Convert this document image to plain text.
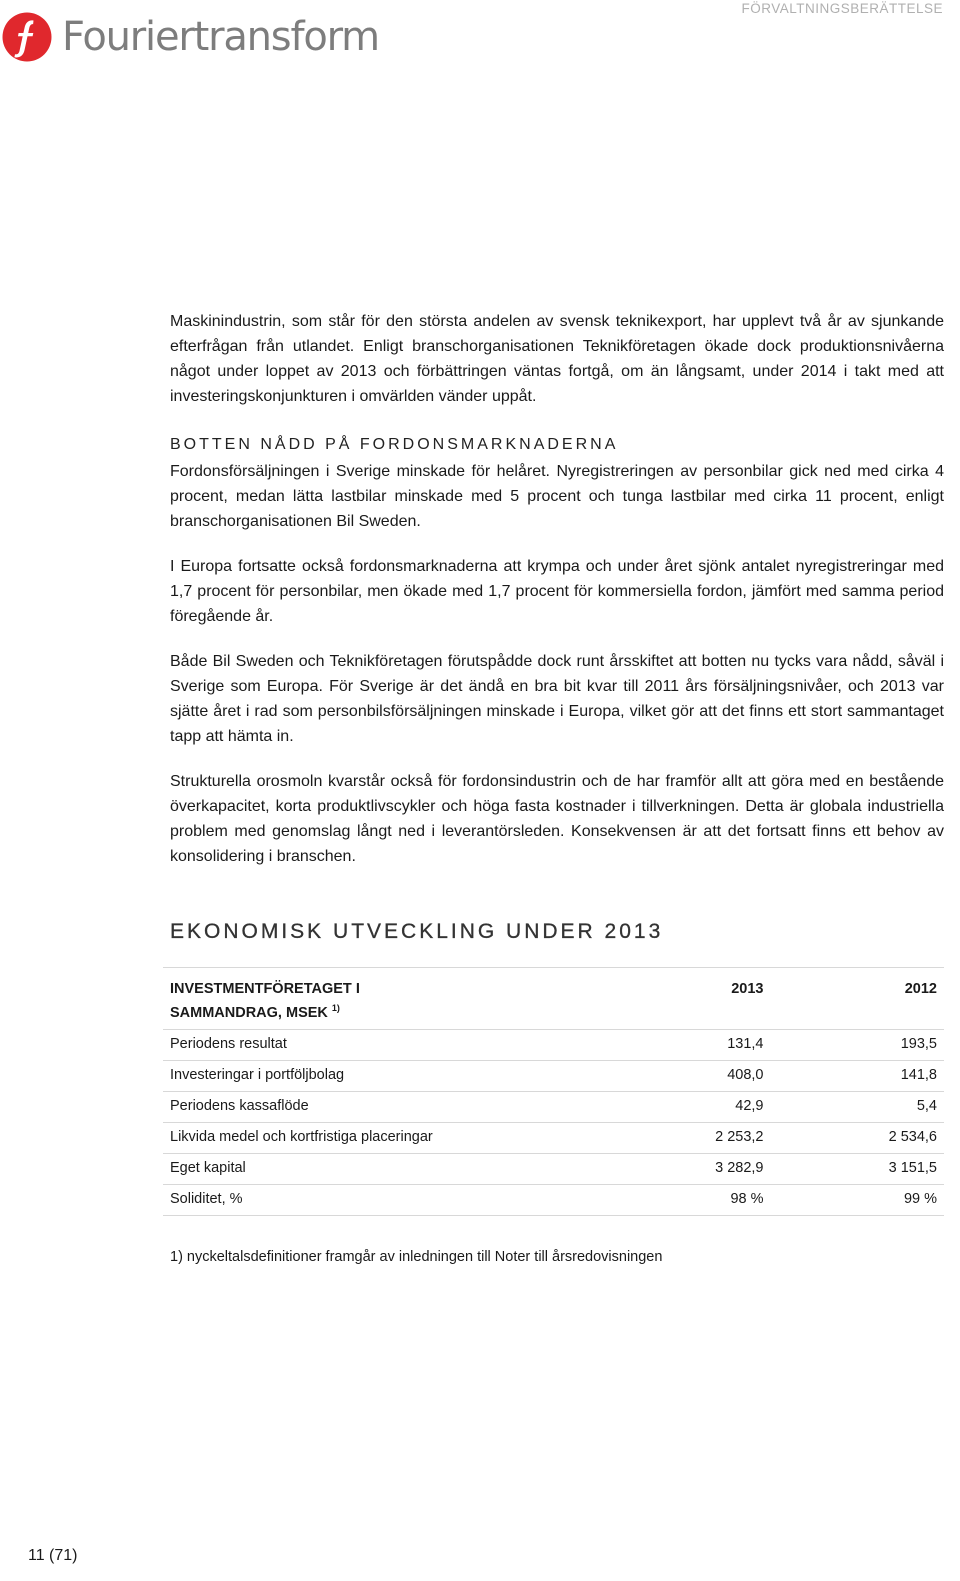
Fouriertransform
FÖRVALTNINGSBERÄTTELSE

Maskinindustrin, som står för den största andelen av svensk teknikexport, har upplevt två år av sjunkande efterfrågan från utlandet. Enligt branschorganisationen Teknikföretagen ökade dock produktionsnivåerna något under loppet av 2013 och förbättringen väntas fortgå, om än långsamt, under 2014 i takt med att investeringskonjunkturen i omvärlden vänder uppåt.

BOTTEN NÅDD PÅ FORDONSMARKNADERNA

Fordonsförsäljningen i Sverige minskade för helåret. Nyregistreringen av personbilar gick ned med cirka 4 procent, medan lätta lastbilar minskade med 5 procent och tunga lastbilar med cirka 11 procent, enligt branschorganisationen Bil Sweden.

I Europa fortsatte också fordonsmarknaderna att krympa och under året sjönk antalet nyregistreringar med 1,7 procent för personbilar, men ökade med 1,7 procent för kommersiella fordon, jämfört med samma period föregående år.

Både Bil Sweden och Teknikföretagen förutspådde dock runt årsskiftet att botten nu tycks vara nådd, såväl i Sverige som Europa. För Sverige är det ändå en bra bit kvar till 2011 års försäljningsnivåer, och 2013 var sjätte året i rad som personbilsförsäljningen minskade i Europa, vilket gör att det finns ett stort sammantaget tapp att hämta in.

Strukturella orosmoln kvarstår också för fordonsindustrin och de har framför allt att göra med en bestående överkapacitet, korta produktlivscykler och höga fasta kostnader i tillverkningen. Detta är globala industriella problem med genomslag långt ned i leverantörsleden. Konsekvensen är att det fortsatt finns ett behov av konsolidering i branschen.

EKONOMISK UTVECKLING UNDER 2013
INVESTMENTFÖRETAGET I
SAMMANDRAG, MSEK $^{1)}$	2013	2012
Periodens resultat	131,4	193,5
Investeringar i portföljbolag	408,0	141,8
Periodens kassaflöde	42,9	5,4
Likvida medel och kortfristiga placeringar	2 253,2	2 534,6
Eget kapital	3 282,9	3 151,5
Soliditet, %	98 %	99 %
1) nyckeltalsdefinitioner framgår av inledningen till Noter till årsredovisningen
11 (71)
